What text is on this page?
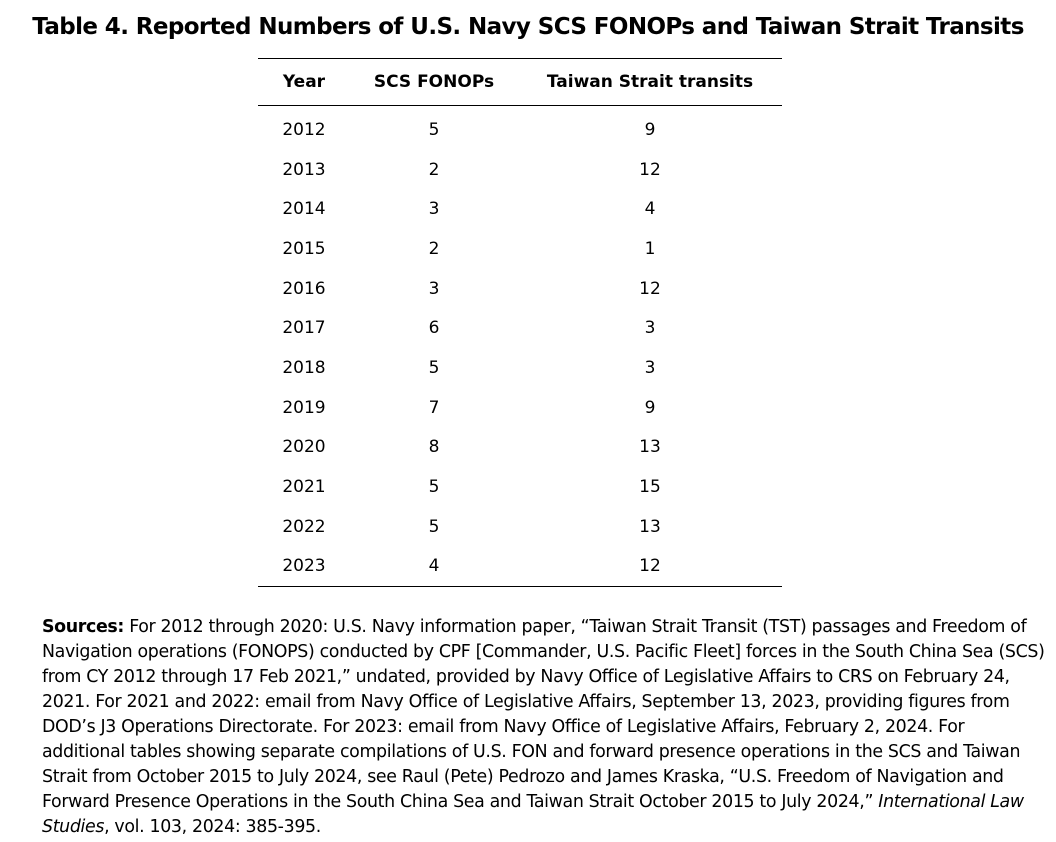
Table 4. Reported Numbers of U.S. Navy SCS FONOPs and Taiwan Strait Transits
Year	SCS FONOPs	Taiwan Strait transits
2012	5	9
2013	2	12
2014	3	4
2015	2	1
2016	3	12
2017	6	3
2018	5	3
2019	7	9
2020	8	13
2021	5	15
2022	5	13
2023	4	12

Sources: For 2012 through 2020: U.S. Navy information paper, “Taiwan Strait Transit (TST) passages and Freedom of Navigation operations (FONOPS) conducted by CPF [Commander, U.S. Pacific Fleet] forces in the South China Sea (SCS) from CY 2012 through 17 Feb 2021,” undated, provided by Navy Office of Legislative Affairs to CRS on February 24, 2021. For 2021 and 2022: email from Navy Office of Legislative Affairs, September 13, 2023, providing figures from DOD’s J3 Operations Directorate. For 2023: email from Navy Office of Legislative Affairs, February 2, 2024. For additional tables showing separate compilations of U.S. FON and forward presence operations in the SCS and Taiwan Strait from October 2015 to July 2024, see Raul (Pete) Pedrozo and James Kraska, “U.S. Freedom of Navigation and Forward Presence Operations in the South China Sea and Taiwan Strait October 2015 to July 2024,” International Law Studies, vol. 103, 2024: 385-395.
